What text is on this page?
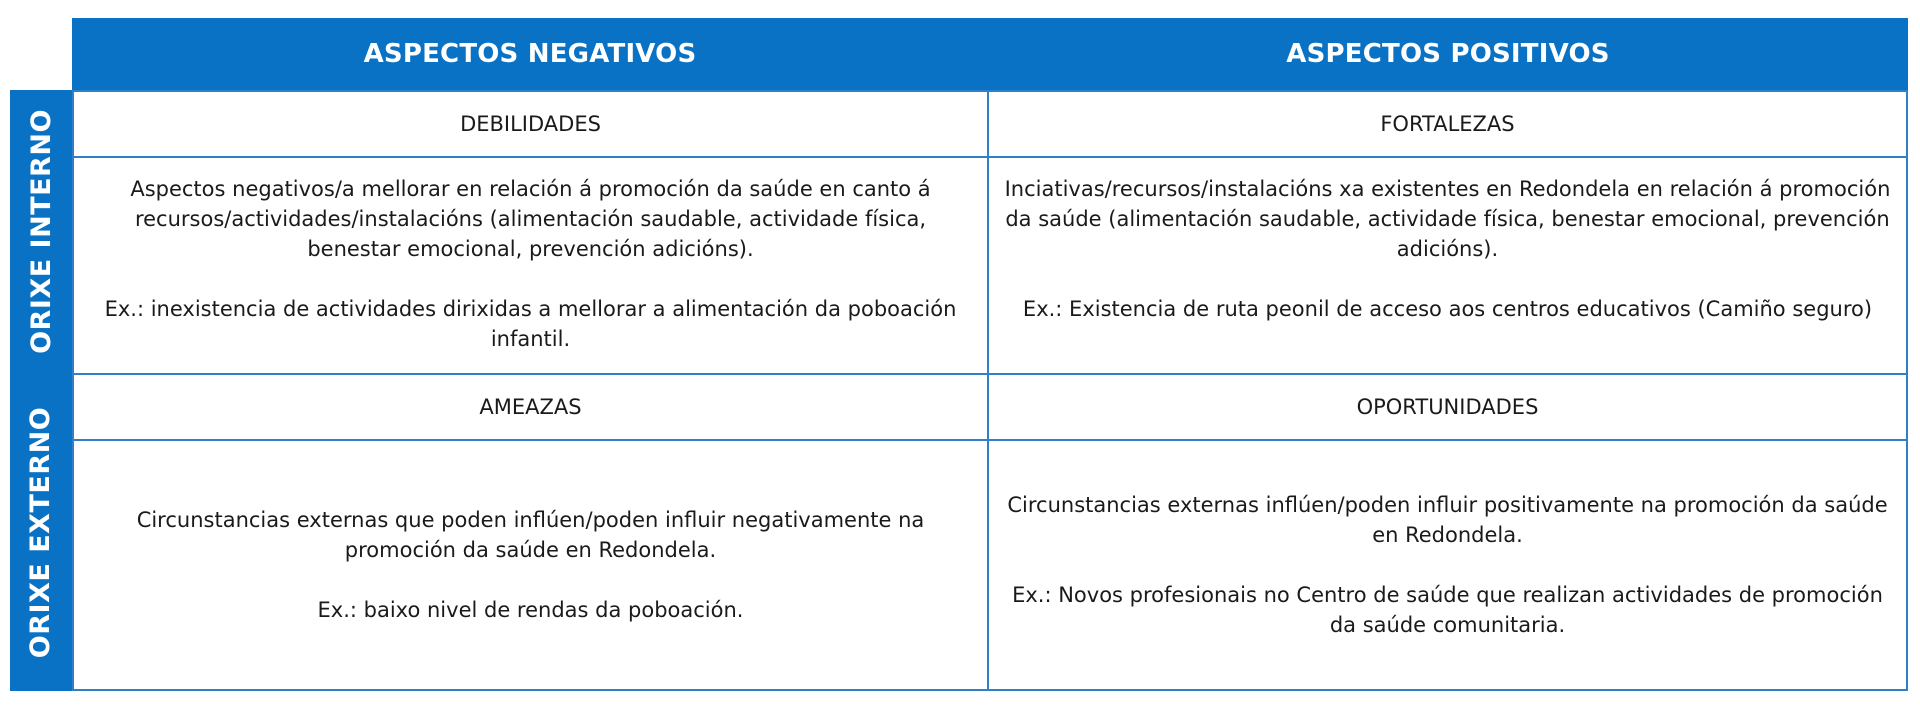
ASPECTOS NEGATIVOS	ASPECTOS POSITIVOS
ORIXE INTERNO
ORIXE EXTERNO
DEBILIDADES

Aspectos negativos/a mellorar en relación á promoción da saúde en canto á recursos/actividades/instalacións (alimentación saudable, actividade física, benestar emocional, prevención adicións).

Ex.: inexistencia de actividades dirixidas a mellorar a alimentación da poboación infantil.

FORTALEZAS

Inciativas/recursos/instalacións xa existentes en Redondela en relación á promoción da saúde (alimentación saudable, actividade física, benestar emocional, prevención adicións).

Ex.: Existencia de ruta peonil de acceso aos centros educativos (Camiño seguro)

AMEAZAS

Circunstancias externas que poden inflúen/poden influir negativamente na promoción da saúde en Redondela.

Ex.: baixo nivel de rendas da poboación.

OPORTUNIDADES

Circunstancias externas inflúen/poden influir positivamente na promoción da saúde en Redondela.

Ex.: Novos profesionais no Centro de saúde que realizan actividades de promoción da saúde comunitaria.
